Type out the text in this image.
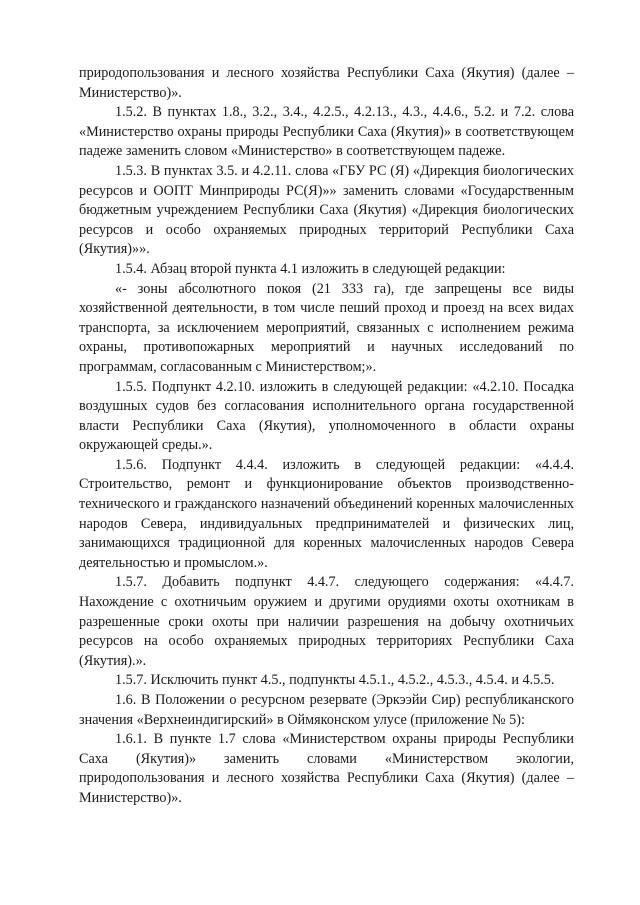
природопользования и лесного хозяйства Республики Саха (Якутия) (далее – Министерство)».

1.5.2. В пунктах 1.8., 3.2., 3.4., 4.2.5., 4.2.13., 4.3., 4.4.6., 5.2. и 7.2. слова «Министерство охраны природы Республики Саха (Якутия)» в соответствующем падеже заменить словом «Министерство» в соответствующем падеже.

1.5.3. В пунктах 3.5. и 4.2.11. слова «ГБУ РС (Я) «Дирекция биологических ресурсов и ООПТ Минприроды РС(Я)»» заменить словами «Государственным бюджетным учреждением Республики Саха (Якутия) «Дирекция биологических ресурсов и особо охраняемых природных территорий Республики Саха (Якутия)»».

1.5.4. Абзац второй пункта 4.1 изложить в следующей редакции:

«- зоны абсолютного покоя (21 333 га), где запрещены все виды хозяйственной деятельности, в том числе пеший проход и проезд на всех видах транспорта, за исключением мероприятий, связанных с исполнением режима охраны, противопожарных мероприятий и научных исследований по программам, согласованным с Министерством;».

1.5.5. Подпункт 4.2.10. изложить в следующей редакции: «4.2.10. Посадка воздушных судов без согласования исполнительного органа государственной власти Республики Саха (Якутия), уполномоченного в области охраны окружающей среды.».

1.5.6. Подпункт 4.4.4. изложить в следующей редакции: «4.4.4. Строительство, ремонт и функционирование объектов производственно-технического и гражданского назначений объединений коренных малочисленных народов Севера, индивидуальных предпринимателей и физических лиц, занимающихся традиционной для коренных малочисленных народов Севера деятельностью и промыслом.».

1.5.7. Добавить подпункт 4.4.7. следующего содержания: «4.4.7. Нахождение с охотничьим оружием и другими орудиями охоты охотникам в разрешенные сроки охоты при наличии разрешения на добычу охотничьих ресурсов на особо охраняемых природных территориях Республики Саха (Якутия).».

1.5.7. Исключить пункт 4.5., подпункты 4.5.1., 4.5.2., 4.5.3., 4.5.4. и 4.5.5.

1.6. В Положении о ресурсном резервате (Эркээйи Сир) республиканского значения «Верхнеиндигирский» в Оймяконском улусе (приложение № 5):

1.6.1. В пункте 1.7 слова «Министерством охраны природы Республики Саха (Якутия)» заменить словами «Министерством экологии, природопользования и лесного хозяйства Республики Саха (Якутия) (далее – Министерство)».
